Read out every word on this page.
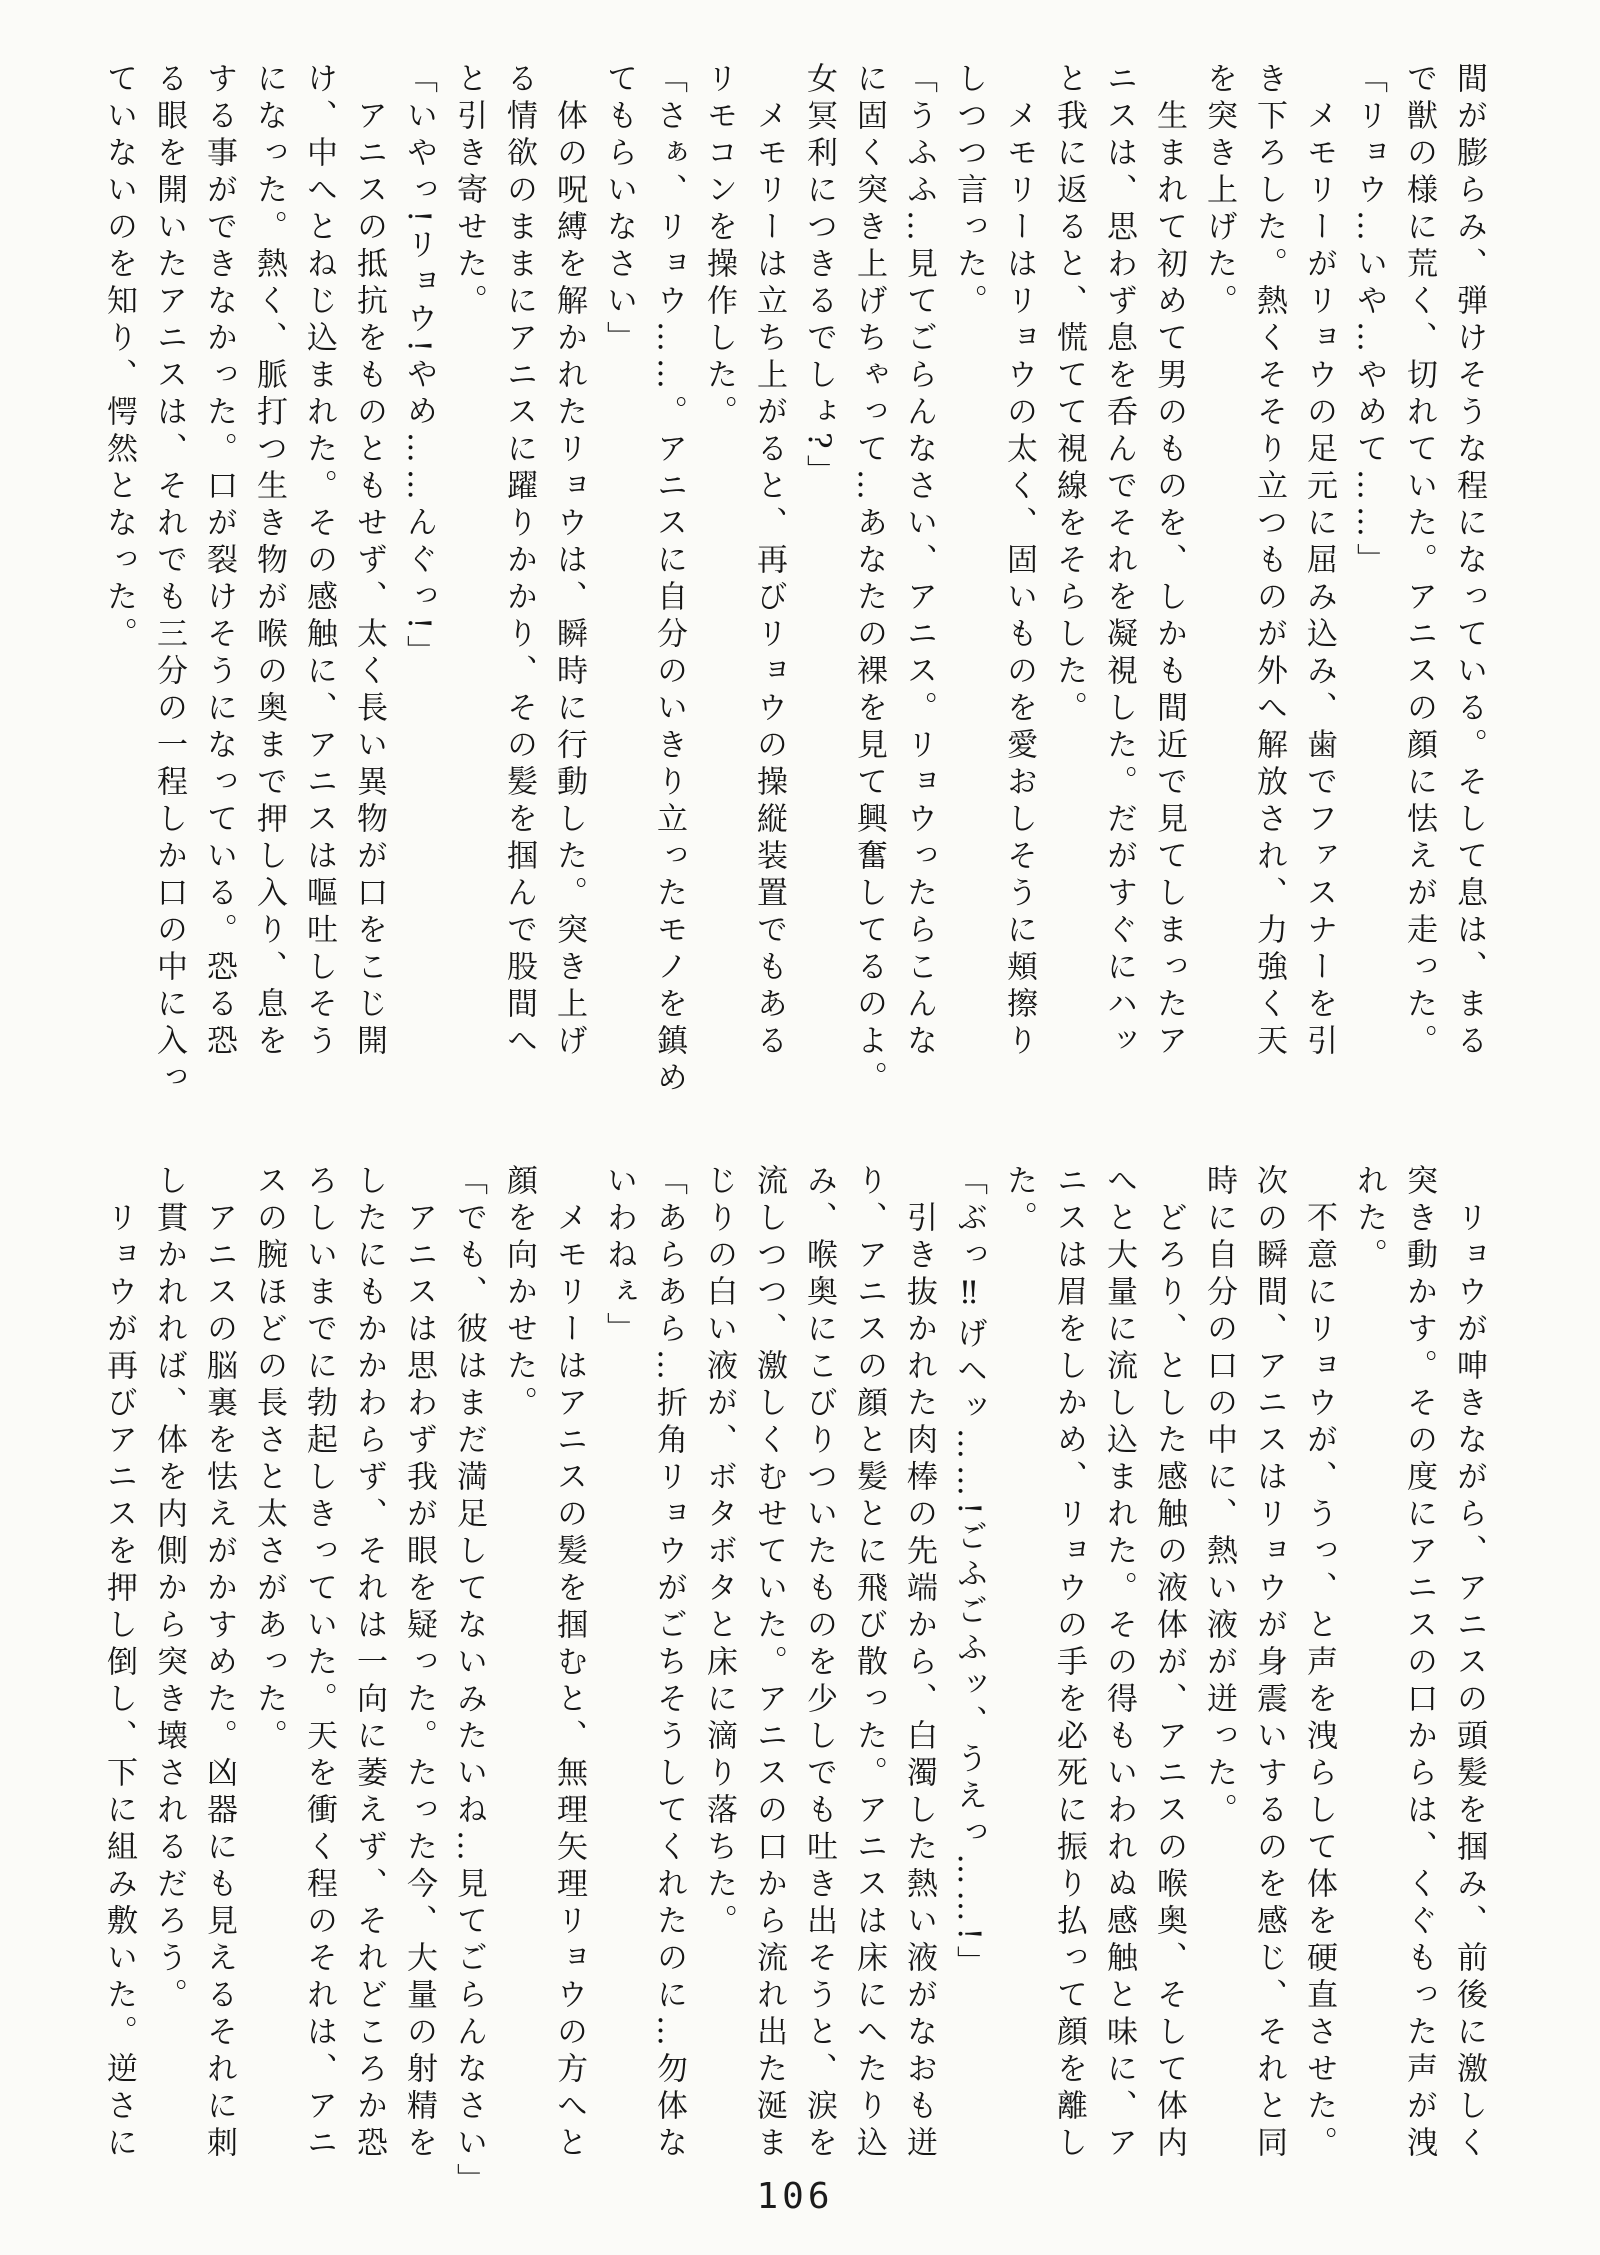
間が膨らみ、弾けそうな程になっている。そして息は、まる
で獣の様に荒く、切れていた。アニスの顔に怯えが走った。
「リョウ…いや…やめて……」
メモリーがリョウの足元に屈み込み、歯でファスナーを引
き下ろした。熱くそそり立つものが外へ解放され、力強く天
を突き上げた。
生まれて初めて男のものを、しかも間近で見てしまったア
ニスは、思わず息を呑んでそれを凝視した。だがすぐにハッ
と我に返ると、慌てて視線をそらした。
メモリーはリョウの太く、固いものを愛おしそうに頬擦り
しつつ言った。
「うふふ…見てごらんなさい、アニス。リョウったらこんな
に固く突き上げちゃって…あなたの裸を見て興奮してるのよ。
女冥利につきるでしょ?」
メモリーは立ち上がると、再びリョウの操縦装置でもある
リモコンを操作した。
「さぁ、リョウ……。アニスに自分のいきり立ったモノを鎮め
てもらいなさい」
体の呪縛を解かれたリョウは、瞬時に行動した。突き上げ
る情欲のままにアニスに躍りかかり、その髪を掴んで股間へ
と引き寄せた。
「いやっ!リョウ!やめ……んぐっ!」
アニスの抵抗をものともせず、太く長い異物が口をこじ開
け、中へとねじ込まれた。その感触に、アニスは嘔吐しそう
になった。熱く、脈打つ生き物が喉の奥まで押し入り、息を
する事ができなかった。口が裂けそうになっている。恐る恐
る眼を開いたアニスは、それでも三分の一程しか口の中に入っ
ていないのを知り、愕然となった。
リョウが呻きながら、アニスの頭髪を掴み、前後に激しく
突き動かす。その度にアニスの口からは、くぐもった声が洩
れた。
不意にリョウが、うっ、と声を洩らして体を硬直させた。
次の瞬間、アニスはリョウが身震いするのを感じ、それと同
時に自分の口の中に、熱い液が迸った。
どろり、とした感触の液体が、アニスの喉奥、そして体内
へと大量に流し込まれた。その得もいわれぬ感触と味に、ア
ニスは眉をしかめ、リョウの手を必死に振り払って顔を離し
た。
「ぶっ‼げヘッ……!ごふごふッ、うえっ……!」
引き抜かれた肉棒の先端から、白濁した熱い液がなおも迸
り、アニスの顔と髪とに飛び散った。アニスは床にへたり込
み、喉奥にこびりついたものを少しでも吐き出そうと、涙を
流しつつ、激しくむせていた。アニスの口から流れ出た涎ま
じりの白い液が、ボタボタと床に滴り落ちた。
「あらあら…折角リョウがごちそうしてくれたのに…勿体な
いわねぇ」
メモリーはアニスの髪を掴むと、無理矢理リョウの方へと
顔を向かせた。
「でも、彼はまだ満足してないみたいね…見てごらんなさい」
アニスは思わず我が眼を疑った。たった今、大量の射精を
したにもかかわらず、それは一向に萎えず、それどころか恐
ろしいまでに勃起しきっていた。天を衝く程のそれは、アニ
スの腕ほどの長さと太さがあった。
アニスの脳裏を怯えがかすめた。凶器にも見えるそれに刺
し貫かれれば、体を内側から突き壊されるだろう。
リョウが再びアニスを押し倒し、下に組み敷いた。逆さに
106
